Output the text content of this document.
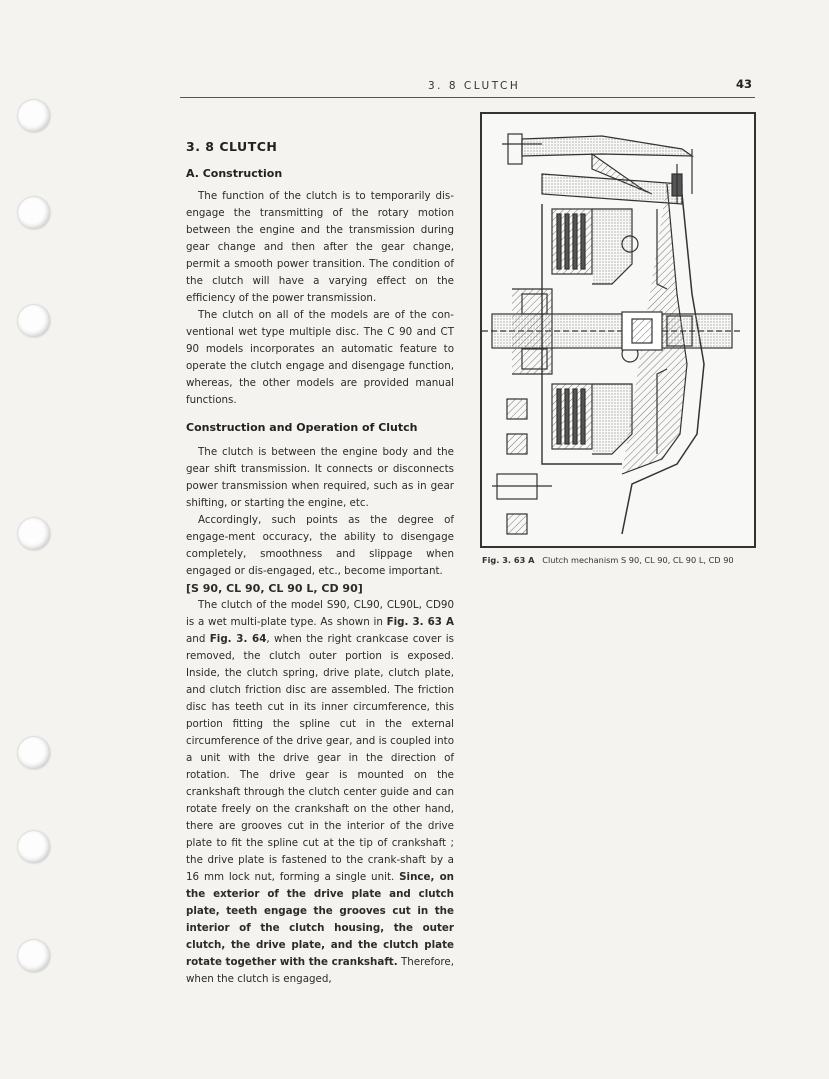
3. 8 CLUTCH	43
3. 8 CLUTCH
A. Construction

The function of the clutch is to temporarily dis-engage the transmitting of the rotary motion between the engine and the transmission during gear change and then after the gear change, permit a smooth power transition. The condition of the clutch will have a varying effect on the efficiency of the power transmission.

The clutch on all of the models are of the con-ventional wet type multiple disc. The C 90 and CT 90 models incorporates an automatic feature to operate the clutch engage and disengage function, whereas, the other models are provided manual functions.

Construction and Operation of Clutch

The clutch is between the engine body and the gear shift transmission. It connects or disconnects power transmission when required, such as in gear shifting, or starting the engine, etc.

Accordingly, such points as the degree of engage-ment occuracy, the ability to disengage completely, smoothness and slippage when engaged or dis-engaged, etc., become important.

[S 90, CL 90, CL 90 L, CD 90]

The clutch of the model S90, CL90, CL90L, CD90 is a wet multi-plate type. As shown in Fig. 3. 63 A and Fig. 3. 64, when the right crankcase cover is removed, the clutch outer portion is exposed. Inside, the clutch spring, drive plate, clutch plate, and clutch friction disc are assembled. The friction disc has teeth cut in its inner circumference, this portion fitting the spline cut in the external circumference of the drive gear, and is coupled into a unit with the drive gear in the direction of rotation. The drive gear is mounted on the crankshaft through the clutch center guide and can rotate freely on the crankshaft on the other hand, there are grooves cut in the interior of the drive plate to fit the spline cut at the tip of crankshaft ; the drive plate is fastened to the crank-shaft by a 16 mm lock nut, forming a single unit. Since, on the exterior of the drive plate and clutch plate, teeth engage the grooves cut in the interior of the clutch housing, the outer clutch, the drive plate, and the clutch plate rotate together with the crankshaft. Therefore, when the clutch is engaged,

Fig. 3. 63 A Clutch mechanism S 90, CL 90, CL 90 L, CD 90
